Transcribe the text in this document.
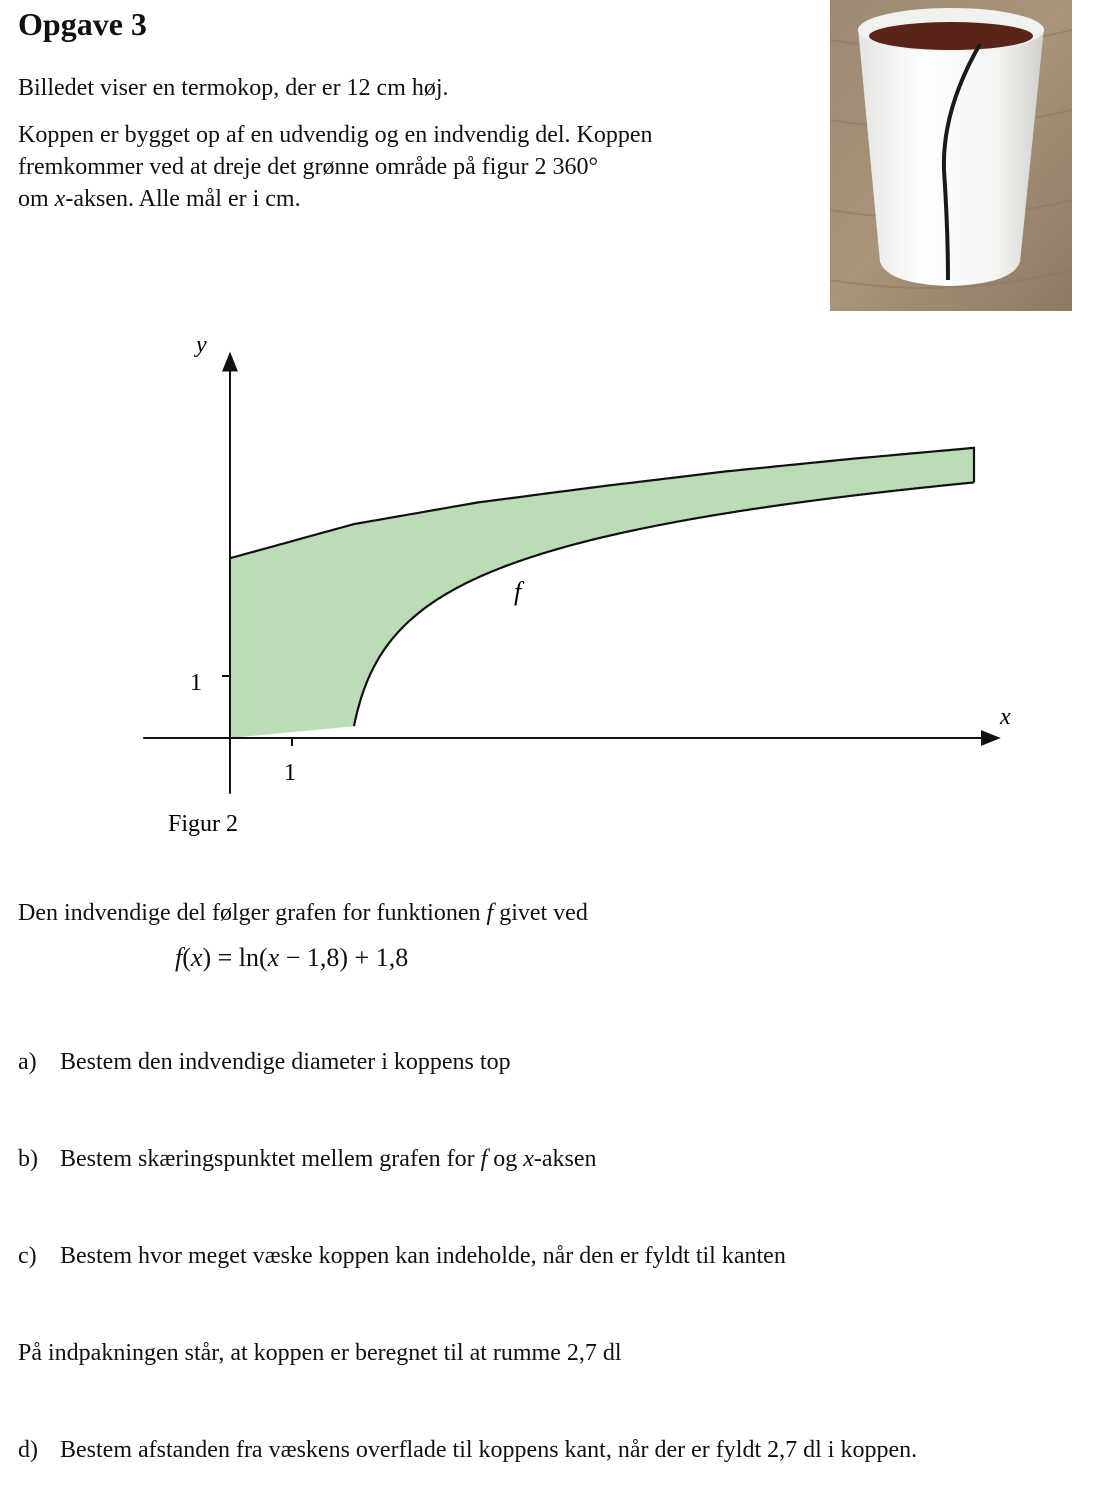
Opgave 3
Billedet viser en termokop, der er 12 cm høj.
Koppen er bygget op af en udvendig og en indvendig del. Koppen
fremkommer ved at dreje det grønne område på figur 2 360°
om x-aksen. Alle mål er i cm.
y
x
1
1
f
Figur 2
Den indvendige del følger grafen for funktionen f givet ved
f(x) = ln(x − 1,8) + 1,8
a) Bestem den indvendige diameter i koppens top
b) Bestem skæringspunktet mellem grafen for f og x-aksen
c) Bestem hvor meget væske koppen kan indeholde, når den er fyldt til kanten
På indpakningen står, at koppen er beregnet til at rumme 2,7 dl
d) Bestem afstanden fra væskens overflade til koppens kant, når der er fyldt 2,7 dl i koppen.
